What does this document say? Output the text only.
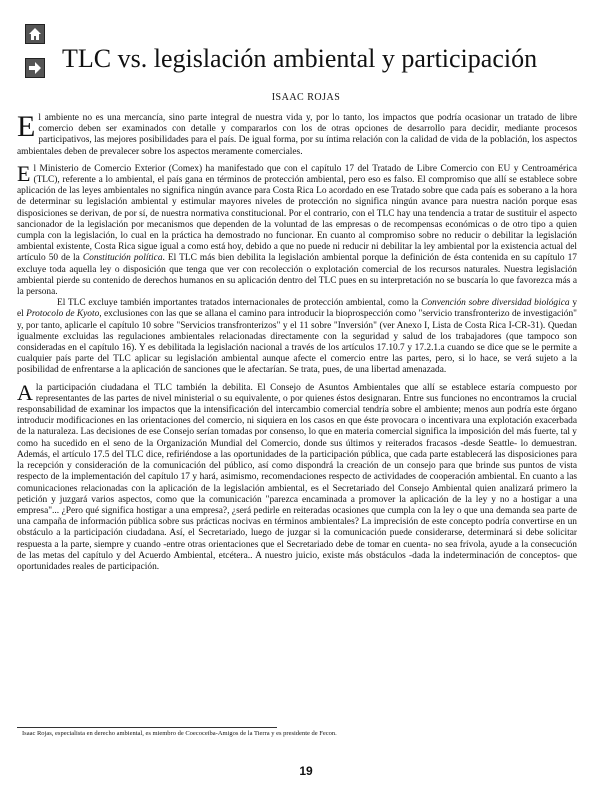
TLC vs. legislación ambiental y participación
ISAAC ROJAS

El ambiente no es una mercancía, sino parte integral de nuestra vida y, por lo tanto, los impactos que podría ocasionar un tratado de libre comercio deben ser examinados con detalle y compararlos con los de otras opciones de desarrollo para decidir, mediante procesos participativos, las mejores posibilidades para el país. De igual forma, por su íntima relación con la calidad de vida de la población, los aspectos ambientales deben de prevalecer sobre los aspectos meramente comerciales.

El Ministerio de Comercio Exterior (Comex) ha manifestado que con el capítulo 17 del Tratado de Libre Comercio con EU y Centroamérica (TLC), referente a lo ambiental, el país gana en términos de protección ambiental, pero eso es falso. El compromiso que allí se establece sobre aplicación de las leyes ambientales no significa ningún avance para Costa Rica Lo acordado en ese Tratado sobre que cada país es soberano a la hora de determinar su legislación ambiental y estimular mayores niveles de protección no significa ningún avance para nuestra nación porque esas disposiciones se derivan, de por sí, de nuestra normativa constitucional. Por el contrario, con el TLC hay una tendencia a tratar de sustituir el aspecto sancionador de la legislación por mecanismos que dependen de la voluntad de las empresas o de recompensas económicas o de otro tipo a quien cumpla con la legislación, lo cual en la práctica ha demostrado no funcionar. En cuanto al compromiso sobre no reducir o debilitar la legislación ambiental existente, Costa Rica sigue igual a como está hoy, debido a que no puede ni reducir ni debilitar la ley ambiental por la existencia actual del artículo 50 de la Constitución política. El TLC más bien debilita la legislación ambiental porque la definición de ésta contenida en su capítulo 17 excluye toda aquella ley o disposición que tenga que ver con recolección o explotación comercial de los recursos naturales. Nuestra legislación ambiental pierde su contenido de derechos humanos en su aplicación dentro del TLC pues en su interpretación no se buscaría lo que favorezca más a la persona.

El TLC excluye también importantes tratados internacionales de protección ambiental, como la Convención sobre diversidad biológica y el Protocolo de Kyoto, exclusiones con las que se allana el camino para introducir la bioprospección como "servicio transfronterizo de investigación" y, por tanto, aplicarle el capítulo 10 sobre "Servicios transfronterizos" y el 11 sobre "Inversión" (ver Anexo I, Lista de Costa Rica I-CR-31). Quedan igualmente excluidas las regulaciones ambientales relacionadas directamente con la seguridad y salud de los trabajadores (que tampoco son consideradas en el capítulo 16). Y es debilitada la legislación nacional a través de los artículos 17.10.7 y 17.2.1.a cuando se dice que se le permite a cualquier país parte del TLC aplicar su legislación ambiental aunque afecte el comercio entre las partes, pero, si lo hace, se verá sujeto a la posibilidad de enfrentarse a la aplicación de sanciones que le afectarían. Se trata, pues, de una libertad amenazada.

A la participación ciudadana el TLC también la debilita. El Consejo de Asuntos Ambientales que allí se establece estaría compuesto por representantes de las partes de nivel ministerial o su equivalente, o por quienes éstos designaran. Entre sus funciones no encontramos la crucial responsabilidad de examinar los impactos que la intensificación del intercambio comercial tendría sobre el ambiente; menos aun podría este órgano introducir modificaciones en las orientaciones del comercio, ni siquiera en los casos en que éste provocara o incentivara una explotación exacerbada de la naturaleza. Las decisiones de ese Consejo serían tomadas por consenso, lo que en materia comercial significa la imposición del más fuerte, tal y como ha sucedido en el seno de la Organización Mundial del Comercio, donde sus últimos y reiterados fracasos -desde Seattle- lo demuestran. Además, el artículo 17.5 del TLC dice, refiriéndose a las oportunidades de la participación pública, que cada parte establecerá las disposiciones para la recepción y consideración de la comunicación del público, así como dispondrá la creación de un consejo para que brinde sus puntos de vista respecto de la implementación del capítulo 17 y hará, asimismo, recomendaciones respecto de actividades de cooperación ambiental. En cuanto a las comunicaciones relacionadas con la aplicación de la legislación ambiental, es el Secretariado del Consejo Ambiental quien analizará primero la petición y juzgará varios aspectos, como que la comunicación "parezca encaminada a promover la aplicación de la ley y no a hostigar a una empresa"... ¿Pero qué significa hostigar a una empresa?, ¿será pedirle en reiteradas ocasiones que cumpla con la ley o que una demanda sea parte de una campaña de información pública sobre sus prácticas nocivas en términos ambientales? La imprecisión de este concepto podría convertirse en un obstáculo a la participación ciudadana. Así, el Secretariado, luego de juzgar si la comunicación puede considerarse, determinará si debe solicitar respuesta a la parte, siempre y cuando -entre otras orientaciones que el Secretariado debe de tomar en cuenta- no sea frívola, ayude a la consecución de las metas del capítulo y del Acuerdo Ambiental, etcétera.. A nuestro juicio, existe más obstáculos -dada la indeterminación de conceptos- que oportunidades reales de participación.

Isaac Rojas, especialista en derecho ambiental, es miembro de Coecoceiba-Amigos de la Tierra y es presidente de Fecon.
19
